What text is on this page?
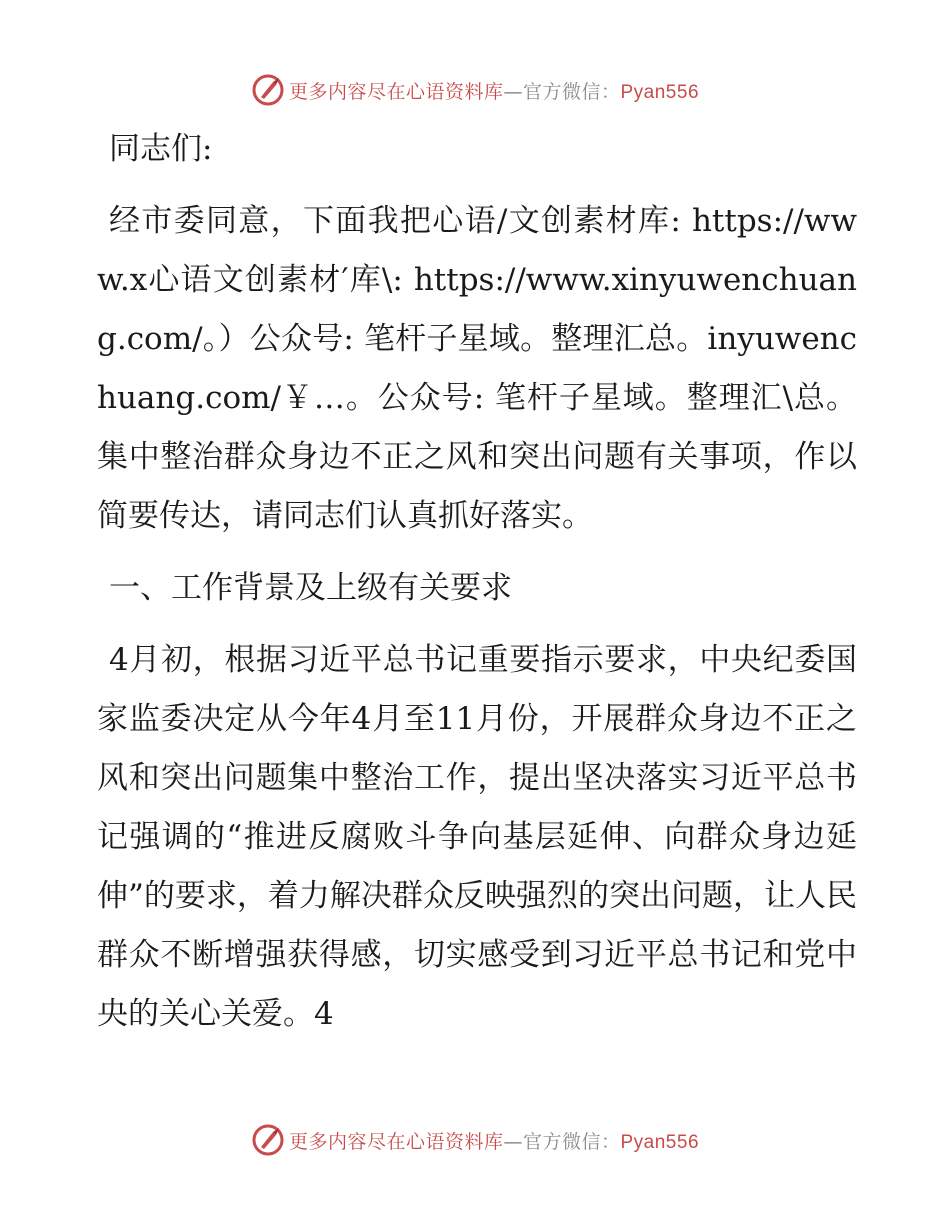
更多内容尽在心语资料库—官方微信：Pyan556

同志们:

经市委同意，下面我把心语/文创素材库: https://www.x心语文创素材′库\: https://www.xinyuwenchuang.com/。）公众号: 笔杆子星域。整理汇总。inyuwenchuang.com/￥…。公众号: 笔杆子星域。整理汇\总。集中整治群众身边不正之风和突出问题有关事项，作以简要传达，请同志们认真抓好落实。

一、工作背景及上级有关要求

4月初，根据习近平总书记重要指示要求，中央纪委国家监委决定从今年4月至11月份，开展群众身边不正之风和突出问题集中整治工作，提出坚决落实习近平总书记强调的“推进反腐败斗争向基层延伸、向群众身边延伸”的要求，着力解决群众反映强烈的突出问题，让人民群众不断增强获得感，切实感受到习近平总书记和党中央的关心关爱。4

更多内容尽在心语资料库—官方微信：Pyan556
